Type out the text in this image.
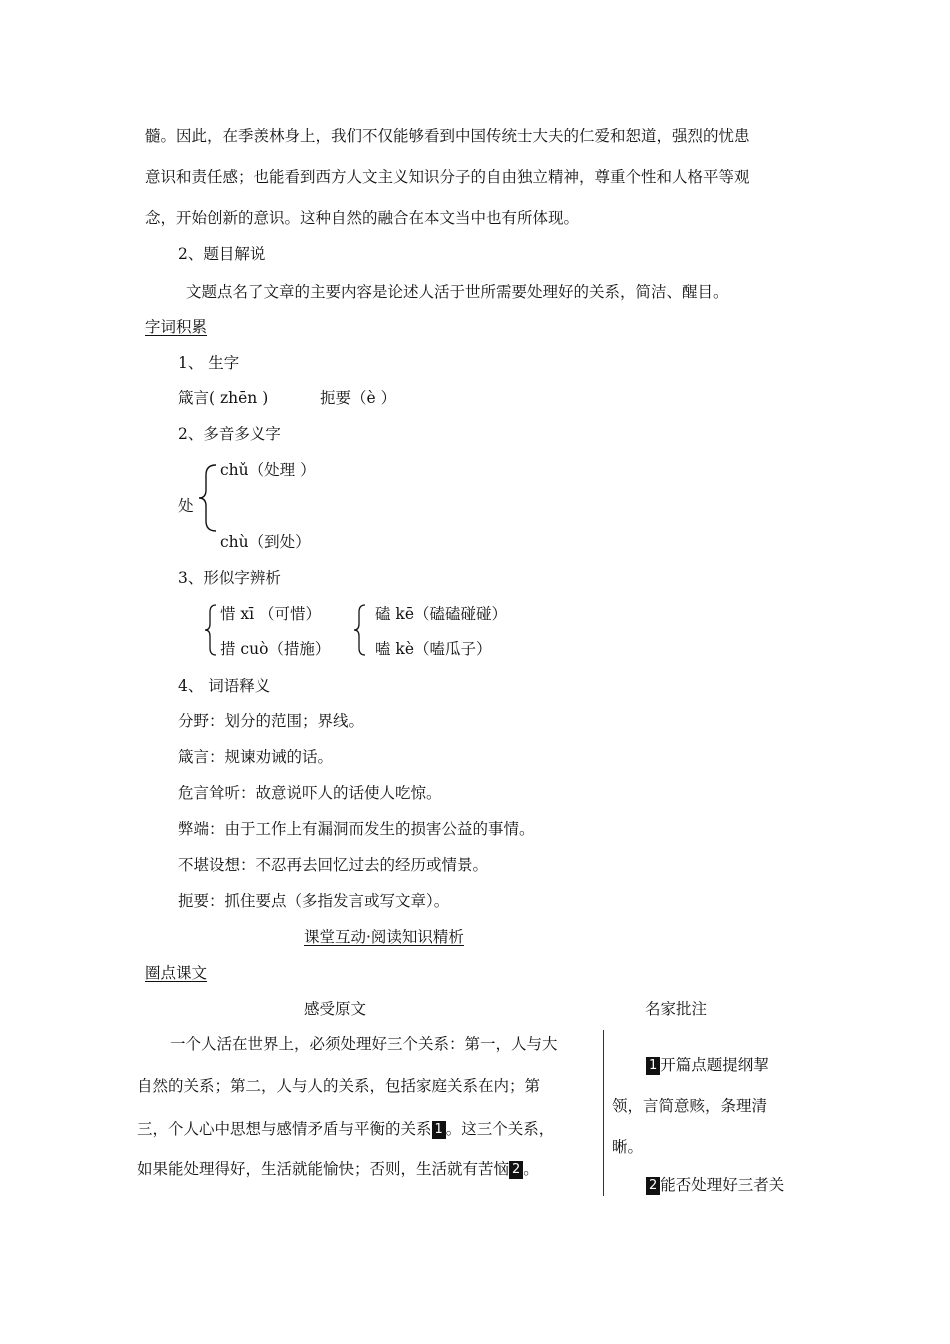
髓。因此，在季羡林身上，我们不仅能够看到中国传统士大夫的仁爱和恕道，强烈的忧患
意识和责任感；也能看到西方人文主义知识分子的自由独立精神，尊重个性和人格平等观
念，开始创新的意识。这种自然的融合在本文当中也有所体现。
2、题目解说
文题点名了文章的主要内容是论述人活于世所需要处理好的关系，简洁、醒目。
字词积累
1、 生字
箴言( zhēn )	扼要（è ）
2、多音多义字
chǔ（处理 ）
处
chù（到处）
3、形似字辨析
惜 xī （可惜）
措 cuò（措施）
磕 kē（磕磕碰碰）
嗑 kè（嗑瓜子）
4、 词语释义
分野：划分的范围；界线。
箴言：规谏劝诫的话。
危言耸听：故意说吓人的话使人吃惊。
弊端：由于工作上有漏洞而发生的损害公益的事情。
不堪设想：不忍再去回忆过去的经历或情景。
扼要：抓住要点（多指发言或写文章）。
课堂互动·阅读知识精析
圈点课文
感受原文	名家批注
一个人活在世界上，必须处理好三个关系：第一，人与大
自然的关系；第二，人与人的关系，包括家庭关系在内；第
三，个人心中思想与感情矛盾与平衡的关系 1 。这三个关系，
如果能处理得好，生活就能愉快；否则，生活就有苦恼 2 。
1 开篇点题提纲挈
领，言简意赅，条理清
晰。
2 能否处理好三者关
